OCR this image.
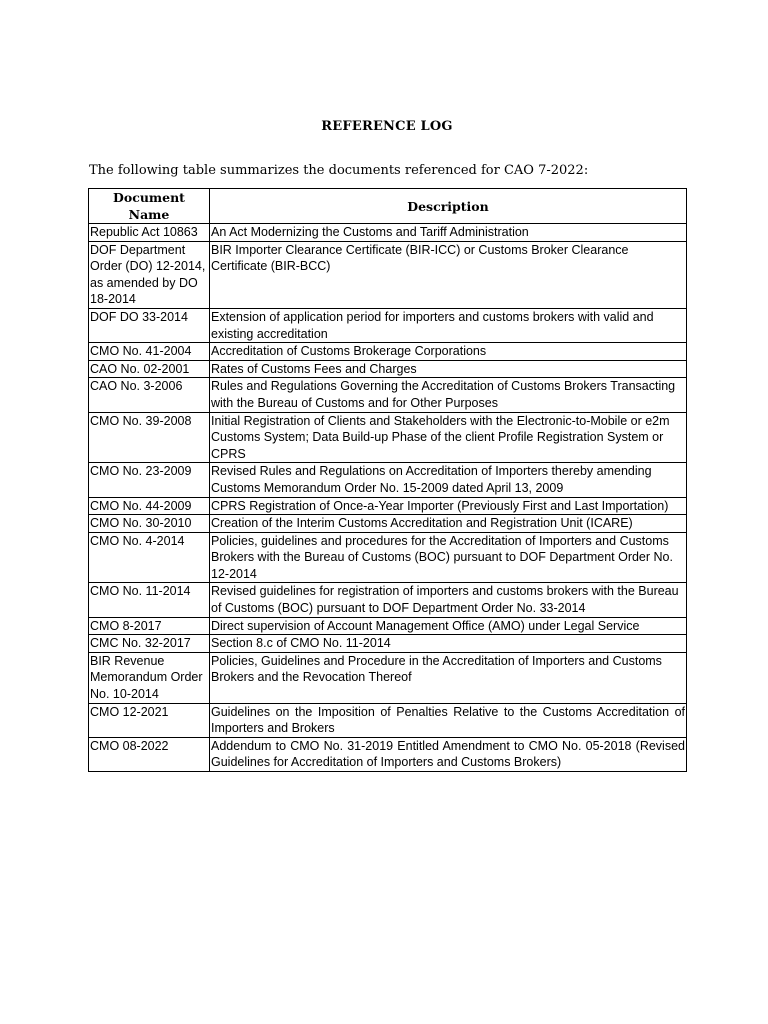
REFERENCE LOG
The following table summarizes the documents referenced for CAO 7-2022:
Document Name	Description
Republic Act 10863	An Act Modernizing the Customs and Tariff Administration
DOF Department Order (DO) 12-2014, as amended by DO 18-2014	BIR Importer Clearance Certificate (BIR-ICC) or Customs Broker Clearance Certificate (BIR-BCC)
DOF DO 33-2014	Extension of application period for importers and customs brokers with valid and existing accreditation
CMO No. 41-2004	Accreditation of Customs Brokerage Corporations
CAO No. 02-2001	Rates of Customs Fees and Charges
CAO No. 3-2006	Rules and Regulations Governing the Accreditation of Customs Brokers Transacting with the Bureau of Customs and for Other Purposes
CMO No. 39-2008	Initial Registration of Clients and Stakeholders with the Electronic-to-Mobile or e2m Customs System; Data Build-up Phase of the client Profile Registration System or CPRS
CMO No. 23-2009	Revised Rules and Regulations on Accreditation of Importers thereby amending Customs Memorandum Order No. 15-2009 dated April 13, 2009
CMO No. 44-2009	CPRS Registration of Once-a-Year Importer (Previously First and Last Importation)
CMO No. 30-2010	Creation of the Interim Customs Accreditation and Registration Unit (ICARE)
CMO No. 4-2014	Policies, guidelines and procedures for the Accreditation of Importers and Customs Brokers with the Bureau of Customs (BOC) pursuant to DOF Department Order No. 12-2014
CMO No. 11-2014	Revised guidelines for registration of importers and customs brokers with the Bureau of Customs (BOC) pursuant to DOF Department Order No. 33-2014
CMO 8-2017	Direct supervision of Account Management Office (AMO) under Legal Service
CMC No. 32-2017	Section 8.c of CMO No. 11-2014
BIR Revenue Memorandum Order No. 10-2014	Policies, Guidelines and Procedure in the Accreditation of Importers and Customs Brokers and the Revocation Thereof
CMO 12-2021	Guidelines on the Imposition of Penalties Relative to the Customs Accreditation of Importers and Brokers
CMO 08-2022	Addendum to CMO No. 31-2019 Entitled Amendment to CMO No. 05-2018 (Revised Guidelines for Accreditation of Importers and Customs Brokers)
